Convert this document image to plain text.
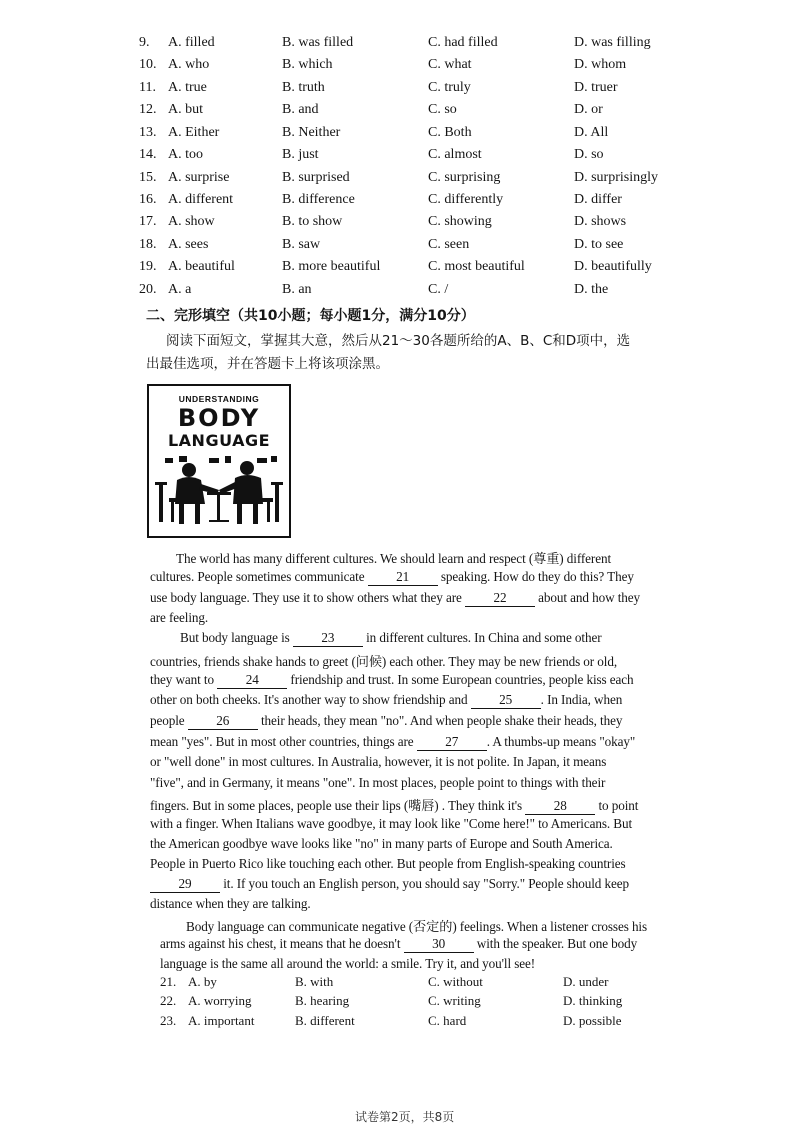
9. A. filled	B. was filled	C. had filled	D. was filling
10. A. who	B. which	C. what	D. whom
11. A. true	B. truth	C. truly	D. truer
12. A. but	B. and	C. so	D. or
13. A. Either	B. Neither	C. Both	D. All
14. A. too	B. just	C. almost	D. so
15. A. surprise	B. surprised	C. surprising	D. surprisingly
16. A. different	B. difference	C. differently	D. differ
17. A. show	B. to show	C. showing	D. shows
18. A. sees	B. saw	C. seen	D. to see
19. A. beautiful	B. more beautiful	C. most beautiful	D. beautifully
20. A. a	B. an	C. /	D. the
二、完形填空（共10小题；每小题1分，满分10分）
阅读下面短文，掌握其大意，然后从21～30各题所给的A、B、C和D项中，选
出最佳选项，并在答题卡上将该项涂黑。
UNDERSTANDING
BODY
LANGUAGE
The world has many different cultures. We should learn and respect (尊重) different
cultures. People sometimes communicate 21 speaking. How do they do this? They
use body language. They use it to show others what they are 22 about and how they
are feeling.
But body language is 23 in different cultures. In China and some other
countries, friends shake hands to greet (问候) each other. They may be new friends or old,
they want to 24 friendship and trust. In some European countries, people kiss each
other on both cheeks. It's another way to show friendship and 25 . In India, when
people 26 their heads, they mean "no". And when people shake their heads, they
mean "yes". But in most other countries, things are 27 . A thumbs-up means "okay"
or "well done" in most cultures. In Australia, however, it is not polite. In Japan, it means
"five", and in Germany, it means "one". In most places, people point to things with their
fingers. But in some places, people use their lips (嘴唇) . They think it's 28 to point
with a finger. When Italians wave goodbye, it may look like "Come here!" to Americans. But
the American goodbye wave looks like "no" in many parts of Europe and South America.
People in Puerto Rico like touching each other. But people from English-speaking countries
29 it. If you touch an English person, you should say "Sorry." People should keep
distance when they are talking.
Body language can communicate negative (否定的) feelings. When a listener crosses his
arms against his chest, it means that he doesn't 30 with the speaker. But one body
language is the same all around the world: a smile. Try it, and you'll see!
21. A. by	B. with	C. without	D. under
22. A. worrying	B. hearing	C. writing	D. thinking
23. A. important	B. different	C. hard	D. possible
试卷第2页，共8页
